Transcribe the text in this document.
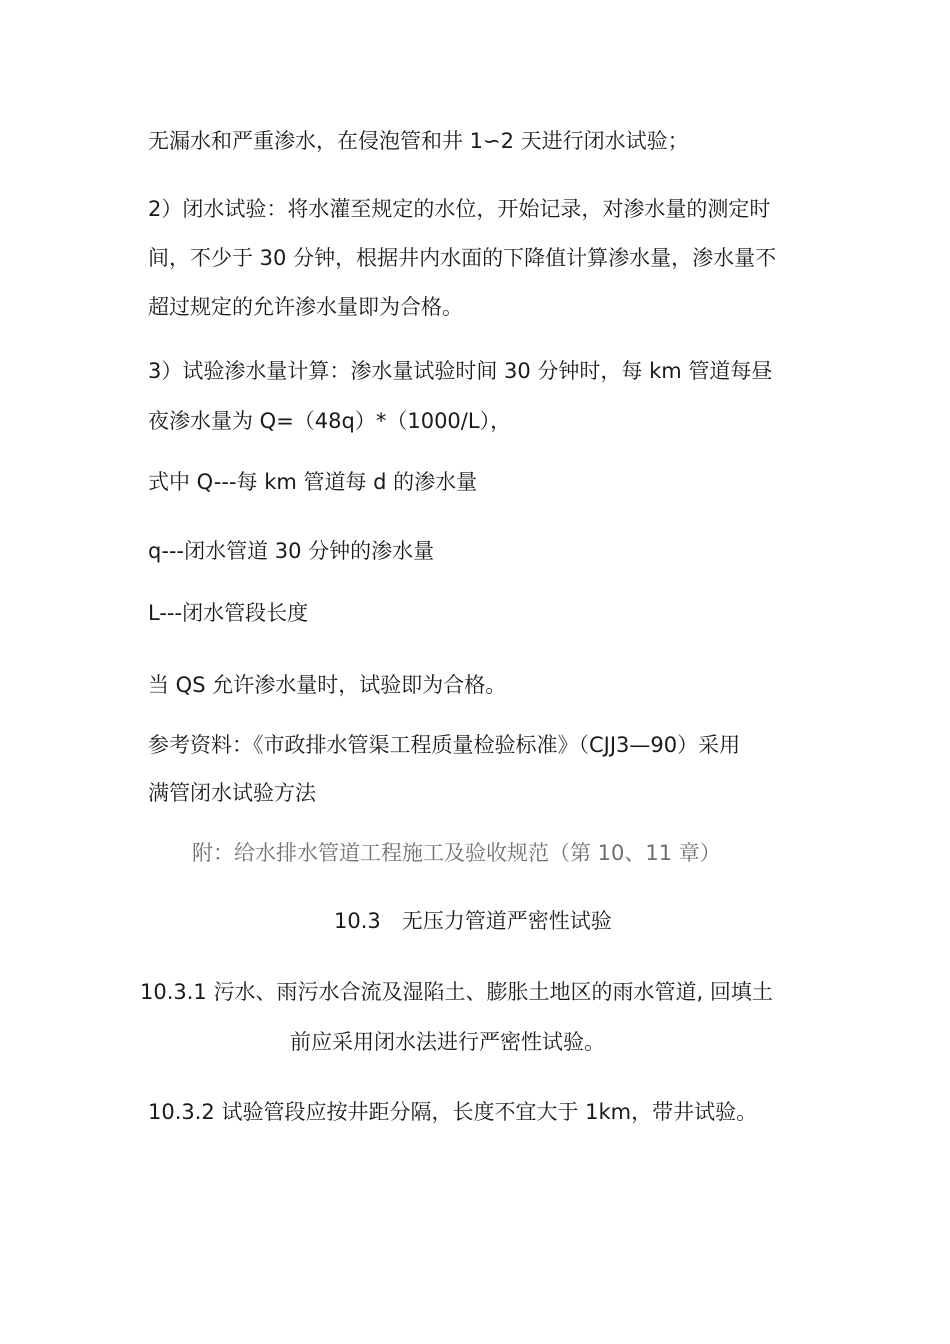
无漏水和严重渗水，在侵泡管和井 1∽2 天进行闭水试验；
2）闭水试验：将水灌至规定的水位，开始记录，对渗水量的测定时
间，不少于 30 分钟，根据井内水面的下降值计算渗水量，渗水量不
超过规定的允许渗水量即为合格。
3）试验渗水量计算：渗水量试验时间 30 分钟时，每 km 管道每昼
夜渗水量为 Q=（48q）*（1000/L），
式中 Q---每 km 管道每 d 的渗水量
q---闭水管道 30 分钟的渗水量
L---闭水管段长度
当 QS 允许渗水量时，试验即为合格。
参考资料：《市政排水管渠工程质量检验标准》（CJJ3—90）采用
满管闭水试验方法
附：给水排水管道工程施工及验收规范（第 10、11 章）
10.3　无压力管道严密性试验
10.3.1 污水、雨污水合流及湿陷土、膨胀土地区的雨水管道, 回填土
前应采用闭水法进行严密性试验。
10.3.2 试验管段应按井距分隔，长度不宜大于 1km，带井试验。
